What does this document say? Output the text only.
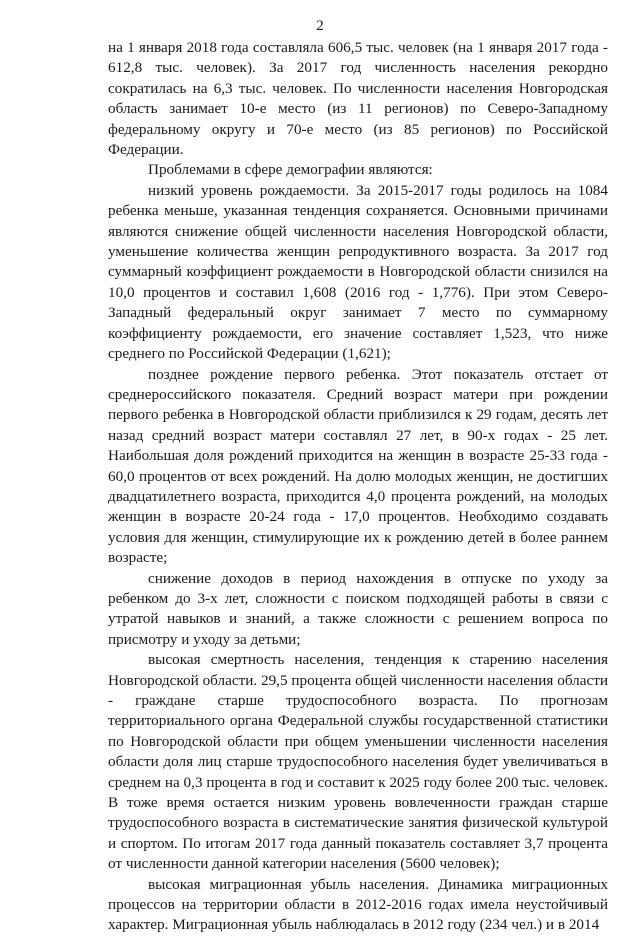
2

на 1 января 2018 года составляла 606,5 тыс. человек (на 1 января 2017 года - 612,8 тыс. человек). За 2017 год численность населения рекордно сократилась на 6,3 тыс. человек. По численности населения Новгородская область занимает 10-е место (из 11 регионов) по Северо-Западному федеральному округу и 70-е место (из 85 регионов) по Российской Федерации.

Проблемами в сфере демографии являются:

низкий уровень рождаемости. За 2015-2017 годы родилось на 1084 ребенка меньше, указанная тенденция сохраняется. Основными причинами являются снижение общей численности населения Новгородской области, уменьшение количества женщин репродуктивного возраста. За 2017 год суммарный коэффициент рождаемости в Новгородской области снизился на 10,0 процентов и составил 1,608 (2016 год - 1,776). При этом Северо-Западный федеральный округ занимает 7 место по суммарному коэффициенту рождаемости, его значение составляет 1,523, что ниже среднего по Российской Федерации (1,621);

позднее рождение первого ребенка. Этот показатель отстает от среднероссийского показателя. Средний возраст матери при рождении первого ребенка в Новгородской области приблизился к 29 годам, десять лет назад средний возраст матери составлял 27 лет, в 90-х годах - 25 лет. Наибольшая доля рождений приходится на женщин в возрасте 25-33 года - 60,0 процентов от всех рождений. На долю молодых женщин, не достигших двадцатилетнего возраста, приходится 4,0 процента рождений, на молодых женщин в возрасте 20-24 года - 17,0 процентов. Необходимо создавать условия для женщин, стимулирующие их к рождению детей в более раннем возрасте;

снижение доходов в период нахождения в отпуске по уходу за ребенком до 3-х лет, сложности с поиском подходящей работы в связи с утратой навыков и знаний, а также сложности с решением вопроса по присмотру и уходу за детьми;

высокая смертность населения, тенденция к старению населения Новгородской области. 29,5 процента общей численности населения области - граждане старше трудоспособного возраста. По прогнозам территориального органа Федеральной службы государственной статистики по Новгородской области при общем уменьшении численности населения области доля лиц старше трудоспособного населения будет увеличиваться в среднем на 0,3 процента в год и составит к 2025 году более 200 тыс. человек. В тоже время остается низким уровень вовлеченности граждан старше трудоспособного возраста в систематические занятия физической культурой и спортом. По итогам 2017 года данный показатель составляет 3,7 процента от численности данной категории населения (5600 человек);

высокая миграционная убыль населения. Динамика миграционных процессов на территории области в 2012-2016 годах имела неустойчивый характер. Миграционная убыль наблюдалась в 2012 году (234 чел.) и в 2014
